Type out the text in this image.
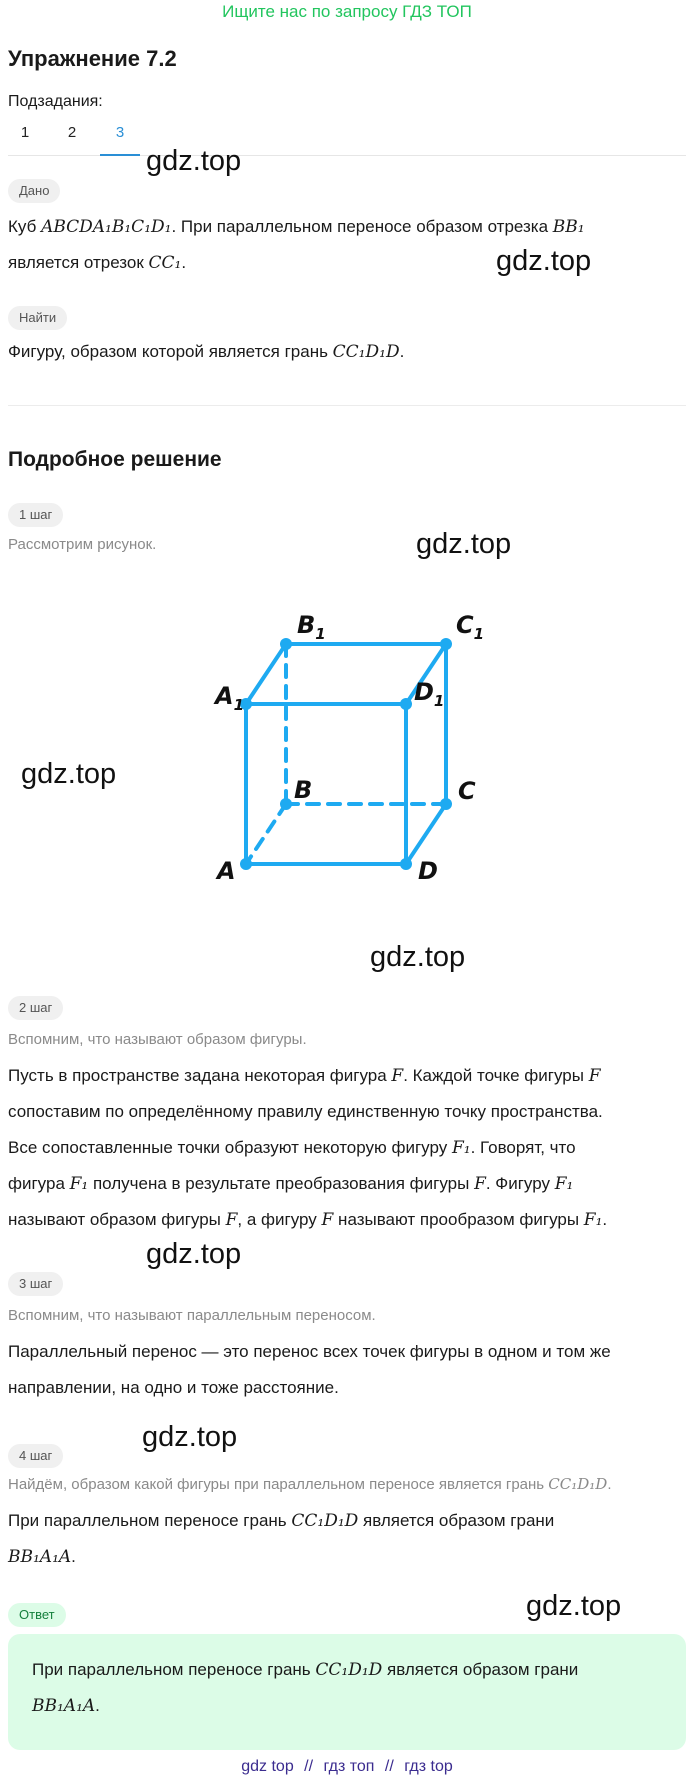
Ищите нас по запросу ГДЗ ТОП
Упражнение 7.2
Подзадания:
1	2	3
Дано
Куб ABCDA₁B₁C₁D₁. При параллельном переносе образом отрезка BB₁
является отрезок CC₁.
Найти
Фигуру, образом которой является грань CC₁D₁D.
Подробное решение
1 шаг
Рассмотрим рисунок.
$B_1$	$C_1$
$A_1$	$D_1$
B	C
A	D
2 шаг
Вспомним, что называют образом фигуры.
Пусть в пространстве задана некоторая фигура F. Каждой точке фигуры F
сопоставим по определённому правилу единственную точку пространства.
Все сопоставленные точки образуют некоторую фигуру F₁. Говорят, что
фигура F₁ получена в результате преобразования фигуры F. Фигуру F₁
называют образом фигуры F, а фигуру F называют прообразом фигуры F₁.
3 шаг
Вспомним, что называют параллельным переносом.
Параллельный перенос — это перенос всех точек фигуры в одном и том же направлении, на одно и тоже расстояние.
4 шаг
Найдём, образом какой фигуры при параллельном переносе является грань CC₁D₁D.
При параллельном переносе грань CC₁D₁D является образом грани
BB₁A₁A.
Ответ
При параллельном переносе грань CC₁D₁D является образом грани
BB₁A₁A.
gdz.top
gdz.top
gdz.top
gdz.top
gdz.top
gdz.top
gdz.top
gdz.top
gdz top // гдз топ // гдз top
